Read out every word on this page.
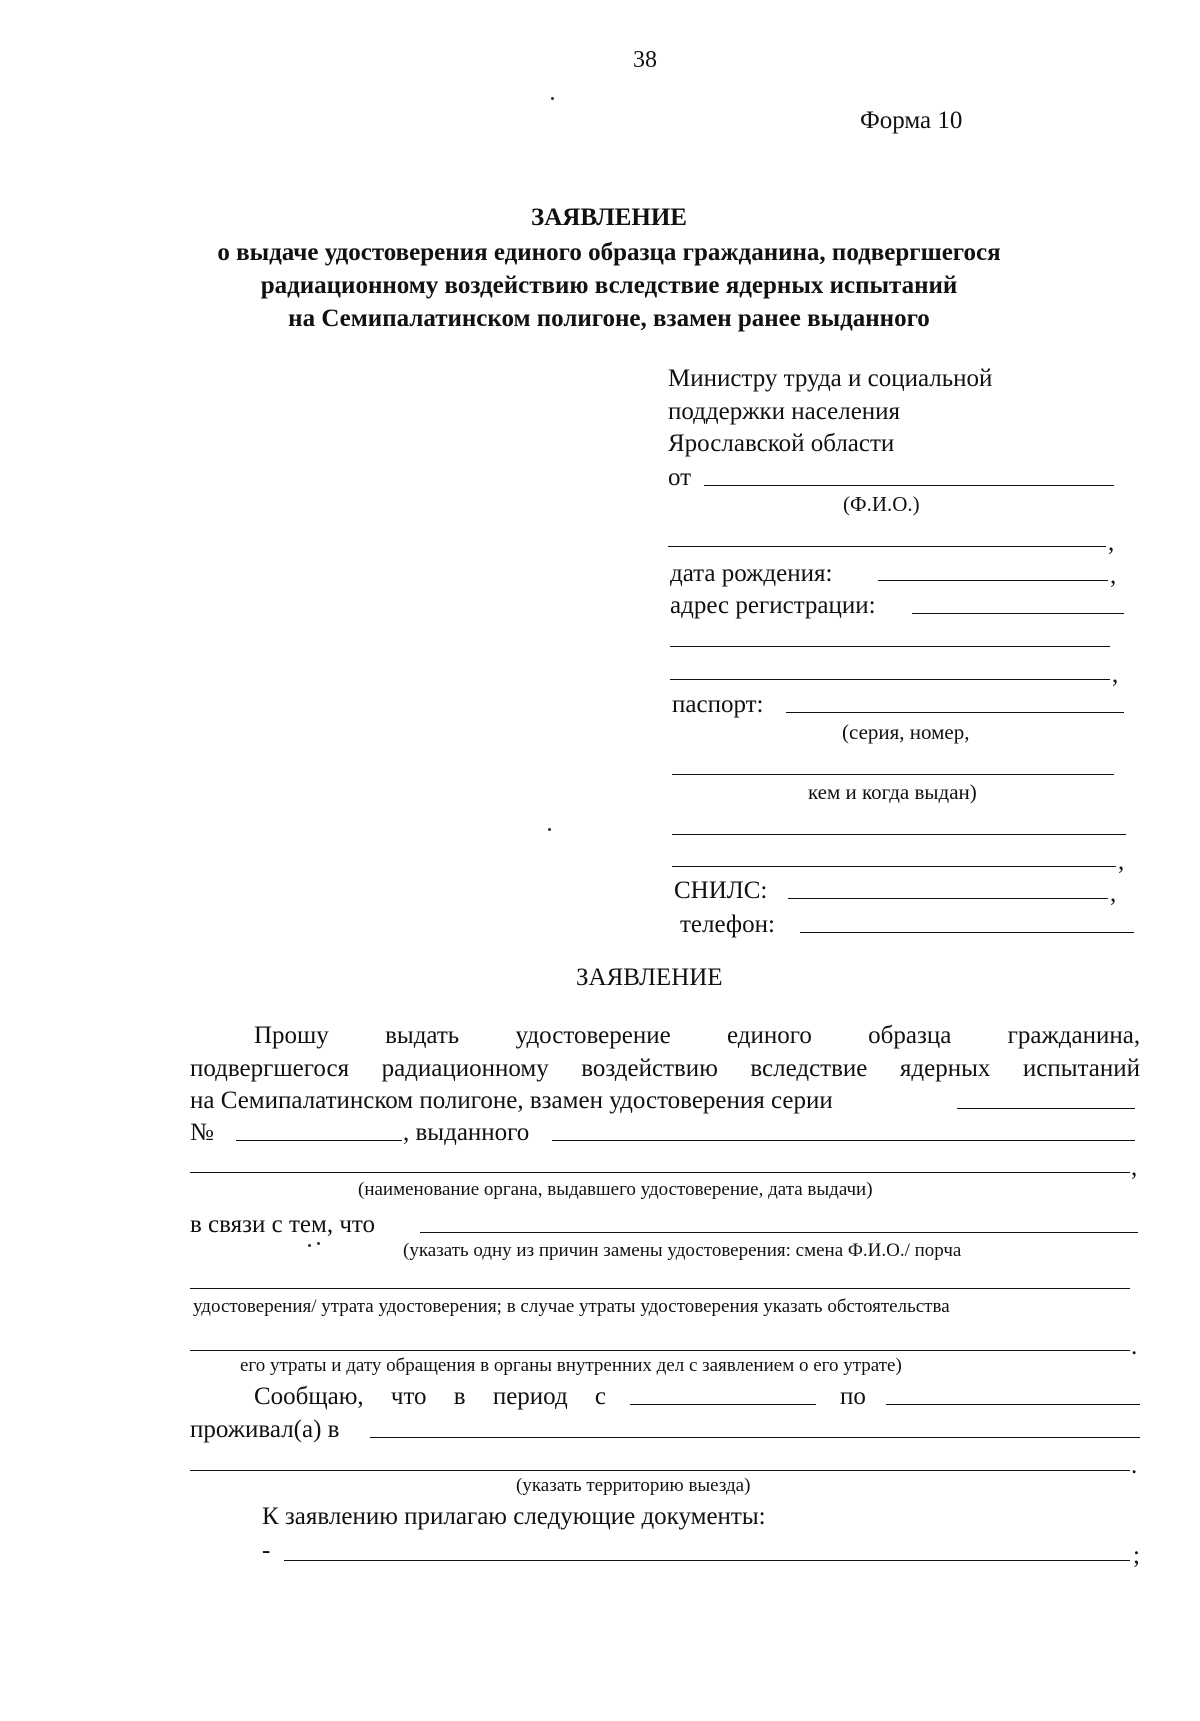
38
Форма 10
ЗАЯВЛЕНИЕ
о выдаче удостоверения единого образца гражданина, подвергшегося
радиационному воздействию вследствие ядерных испытаний
на Семипалатинском полигоне, взамен ранее выданного
Министру труда и социальной
поддержки населения
Ярославской области
от
(Ф.И.О.)
,
дата рождения:	,
адрес регистрации:
,
паспорт:
(серия, номер,
кем и когда выдан)
,
СНИЛС:	,
телефон:
ЗАЯВЛЕНИЕ
Прошу выдать удостоверение единого образца гражданина,
подвергшегося радиационному воздействию вследствие ядерных испытаний
на Семипалатинском полигоне, взамен удостоверения серии
№	, выданного
,
(наименование органа, выдавшего удостоверение, дата выдачи)
в связи с тем, что
(указать одну из причин замены удостоверения: смена Ф.И.О./ порча
удостоверения/ утрата удостоверения; в случае утраты удостоверения указать обстоятельства
.
его утраты и дату обращения в органы внутренних дел с заявлением о его утрате)
Сообщаю, что в период с	по
проживал(а) в
.
(указать территорию выезда)
К заявлению прилагаю следующие документы:
-	;
